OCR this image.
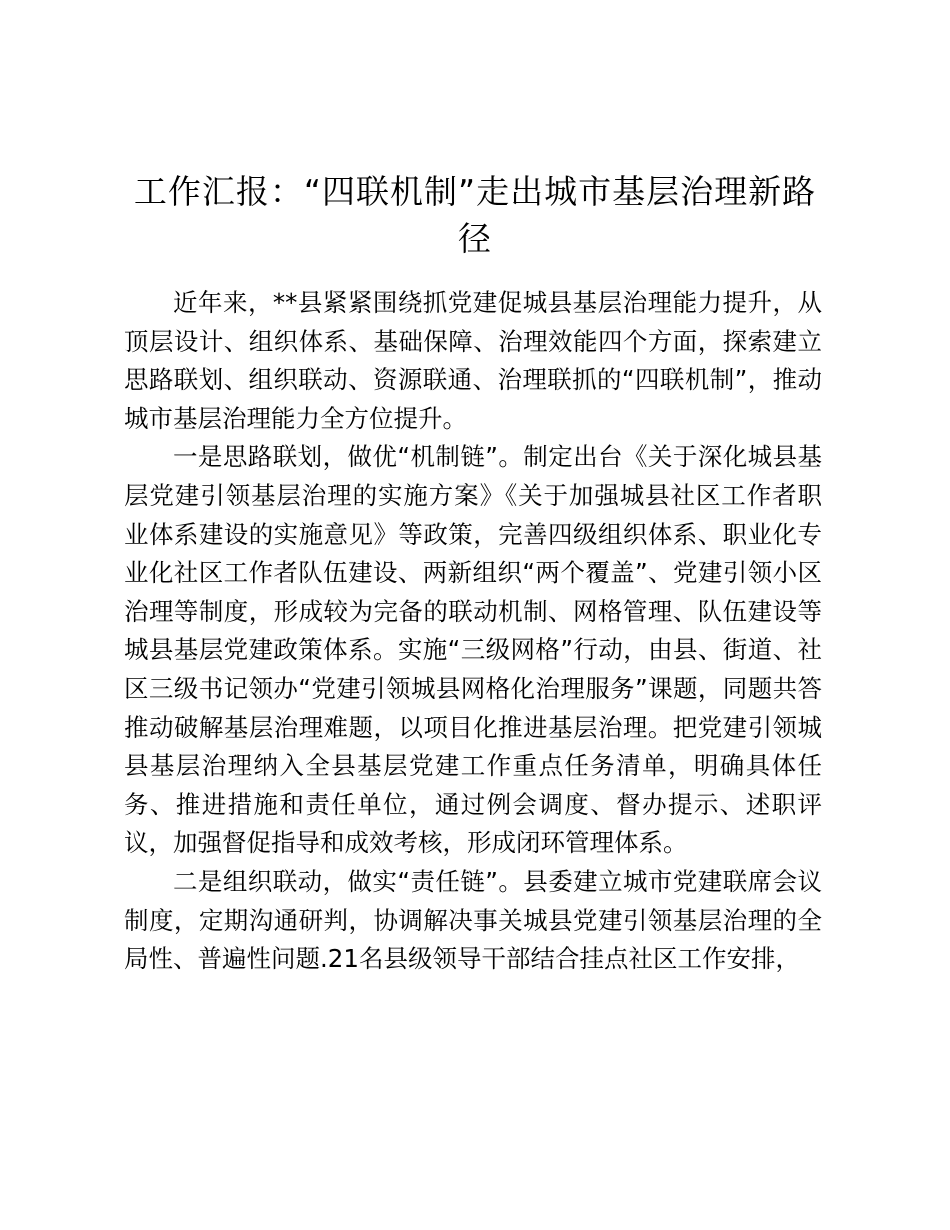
工作汇报：“四联机制”走出城市基层治理新路径

近年来，**县紧紧围绕抓党建促城县基层治理能力提升，从顶层设计、组织体系、基础保障、治理效能四个方面，探索建立思路联划、组织联动、资源联通、治理联抓的“四联机制”，推动城市基层治理能力全方位提升。

一是思路联划，做优“机制链”。制定出台《关于深化城县基层党建引领基层治理的实施方案》《关于加强城县社区工作者职业体系建设的实施意见》等政策，完善四级组织体系、职业化专业化社区工作者队伍建设、两新组织“两个覆盖”、党建引领小区治理等制度，形成较为完备的联动机制、网格管理、队伍建设等城县基层党建政策体系。实施“三级网格”行动，由县、街道、社区三级书记领办“党建引领城县网格化治理服务”课题，同题共答推动破解基层治理难题，以项目化推进基层治理。把党建引领城县基层治理纳入全县基层党建工作重点任务清单，明确具体任务、推进措施和责任单位，通过例会调度、督办提示、述职评议，加强督促指导和成效考核，形成闭环管理体系。

二是组织联动，做实“责任链”。县委建立城市党建联席会议制度，定期沟通研判，协调解决事关城县党建引领基层治理的全局性、普遍性问题.21名县级领导干部结合挂点社区工作安排，
